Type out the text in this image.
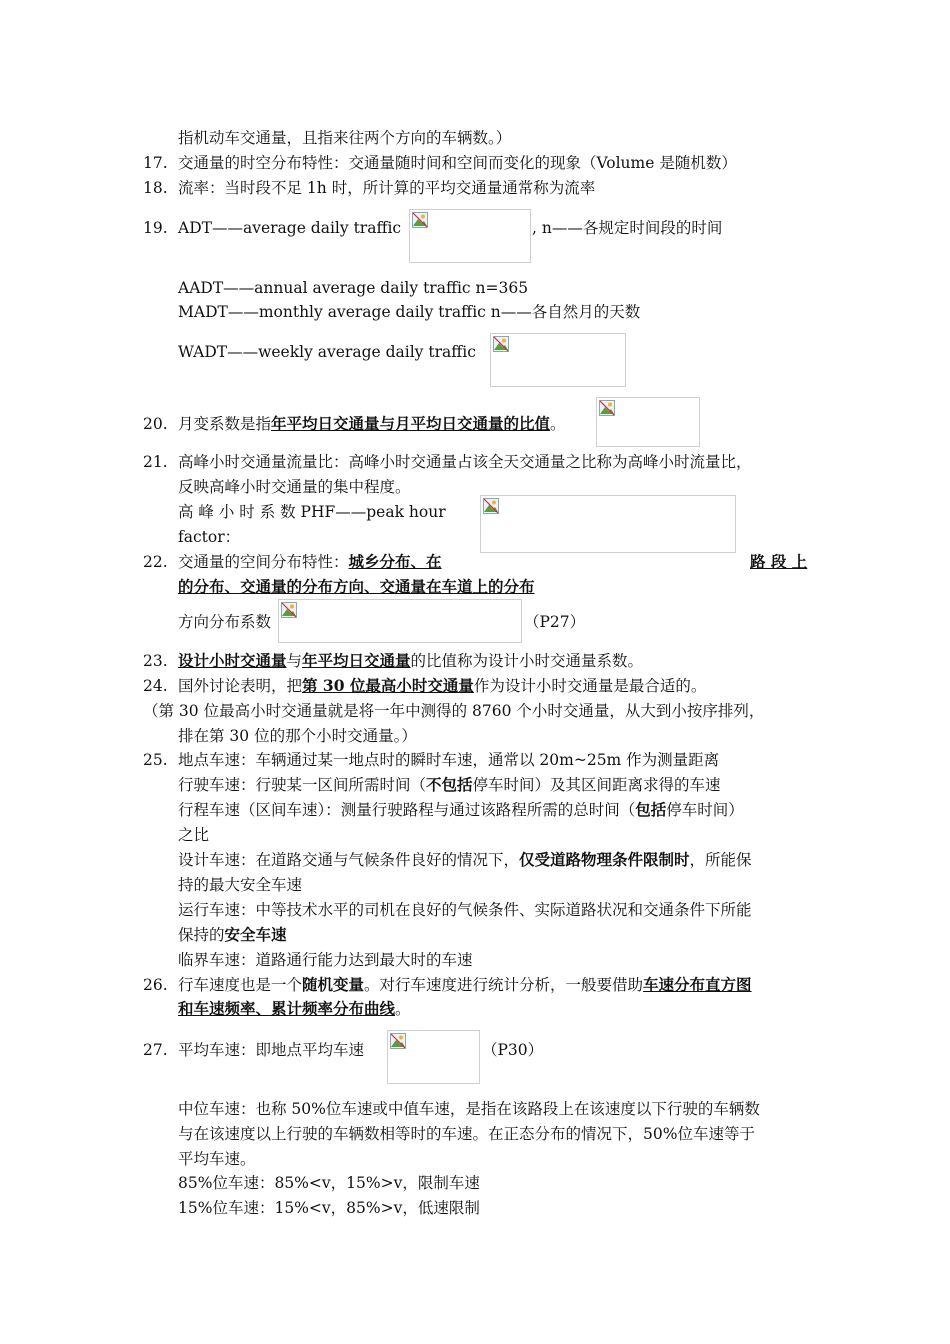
指机动车交通量，且指来往两个方向的车辆数。）
17. 交通量的时空分布特性：交通量随时间和空间而变化的现象（Volume 是随机数）
18. 流率：当时段不足 1h 时，所计算的平均交通量通常称为流率
19. ADT——average daily traffic	, n——各规定时间段的时间
AADT——annual average daily traffic n=365
MADT——monthly average daily traffic n——各自然月的天数
WADT——weekly average daily traffic
20. 月变系数是指年平均日交通量与月平均日交通量的比值。
21. 高峰小时交通量流量比：高峰小时交通量占该全天交通量之比称为高峰小时流量比，
反映高峰小时交通量的集中程度。
高 峰 小 时 系 数 PHF——peak hour
factor：
22. 交通量的空间分布特性：城乡分布、在	路 段 上
的分布、交通量的分布方向、交通量在车道上的分布
方向分布系数	（P27）
23. 设计小时交通量与年平均日交通量的比值称为设计小时交通量系数。
24. 国外讨论表明，把第 30 位最高小时交通量作为设计小时交通量是最合适的。
（第 30 位最高小时交通量就是将一年中测得的 8760 个小时交通量，从大到小按序排列，
排在第 30 位的那个小时交通量。）
25. 地点车速：车辆通过某一地点时的瞬时车速，通常以 20m~25m 作为测量距离
行驶车速：行驶某一区间所需时间（不包括停车时间）及其区间距离求得的车速
行程车速（区间车速）：测量行驶路程与通过该路程所需的总时间（包括停车时间）
之比
设计车速：在道路交通与气候条件良好的情况下，仅受道路物理条件限制时，所能保
持的最大安全车速
运行车速：中等技术水平的司机在良好的气候条件、实际道路状况和交通条件下所能
保持的安全车速
临界车速：道路通行能力达到最大时的车速
26. 行车速度也是一个随机变量。对行车速度进行统计分析，一般要借助车速分布直方图
和车速频率、累计频率分布曲线。
27. 平均车速：即地点平均车速	（P30）
中位车速：也称 50%位车速或中值车速，是指在该路段上在该速度以下行驶的车辆数
与在该速度以上行驶的车辆数相等时的车速。在正态分布的情况下，50%位车速等于
平均车速。
85%位车速：85%<v，15%>v，限制车速
15%位车速：15%<v，85%>v，低速限制
